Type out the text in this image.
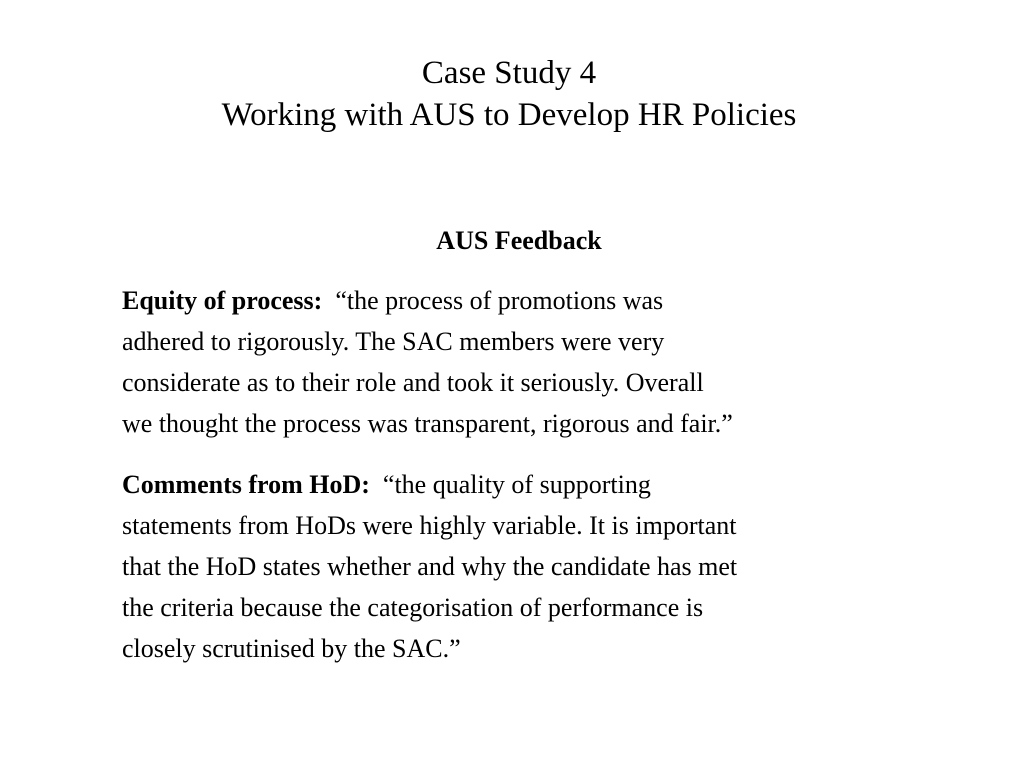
Case Study 4
Working with AUS to Develop HR Policies
AUS Feedback
Equity of process: “the process of promotions was
adhered to rigorously. The SAC members were very
considerate as to their role and took it seriously. Overall
we thought the process was transparent, rigorous and fair.”
Comments from HoD: “the quality of supporting
statements from HoDs were highly variable. It is important
that the HoD states whether and why the candidate has met
the criteria because the categorisation of performance is
closely scrutinised by the SAC.”
